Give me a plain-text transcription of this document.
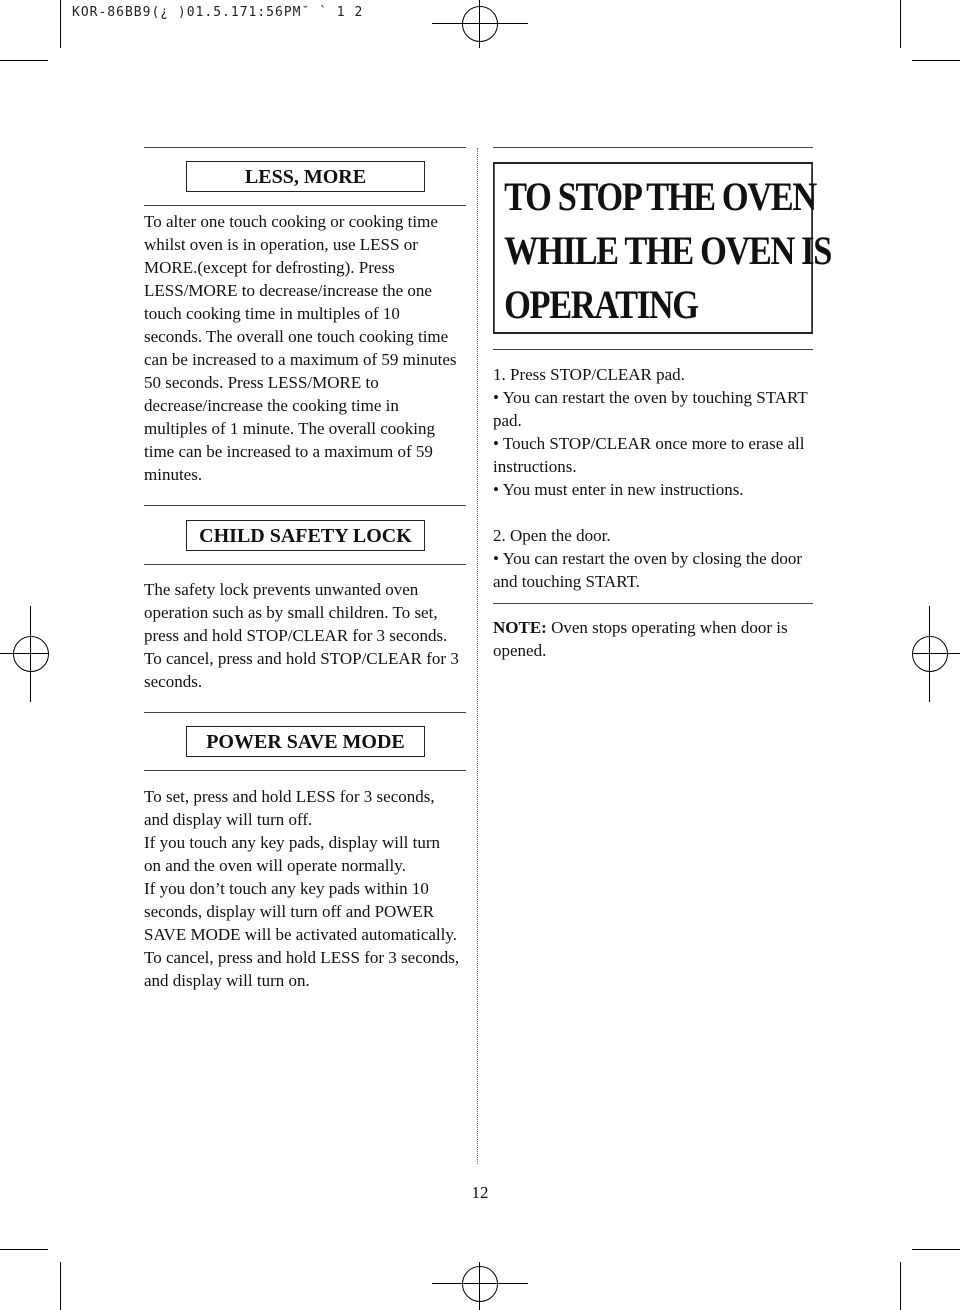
KOR-86BB9(¿ )01.5.171:56PM˘ ` 1 2
LESS, MORE

To alter one touch cooking or cooking time whilst oven is in operation, use LESS or MORE.(except for defrosting). Press LESS/MORE to decrease/increase the one touch cooking time in multiples of 10 seconds. The overall one touch cooking time can be increased to a maximum of 59 minutes 50 seconds. Press LESS/MORE to decrease/increase the cooking time in multiples of 1 minute. The overall cooking time can be increased to a maximum of 59 minutes.

CHILD SAFETY LOCK

The safety lock prevents unwanted oven operation such as by small children. To set, press and hold STOP/CLEAR for 3 seconds. To cancel, press and hold STOP/CLEAR for 3 seconds.

POWER SAVE MODE

To set, press and hold LESS for 3 seconds, and display will turn off.

If you touch any key pads, display will turn on and the oven will operate normally.

If you don’t touch any key pads within 10 seconds, display will turn off and POWER SAVE MODE will be activated automatically.

To cancel, press and hold LESS for 3 seconds, and display will turn on.

TO STOP THE OVEN
WHILE THE OVEN IS
OPERATING

1. Press STOP/CLEAR pad.

• You can restart the oven by touching START pad.

• Touch STOP/CLEAR once more to erase all instructions.

• You must enter in new instructions.

2. Open the door.

• You can restart the oven by closing the door and touching START.

NOTE: Oven stops operating when door is opened.

12
